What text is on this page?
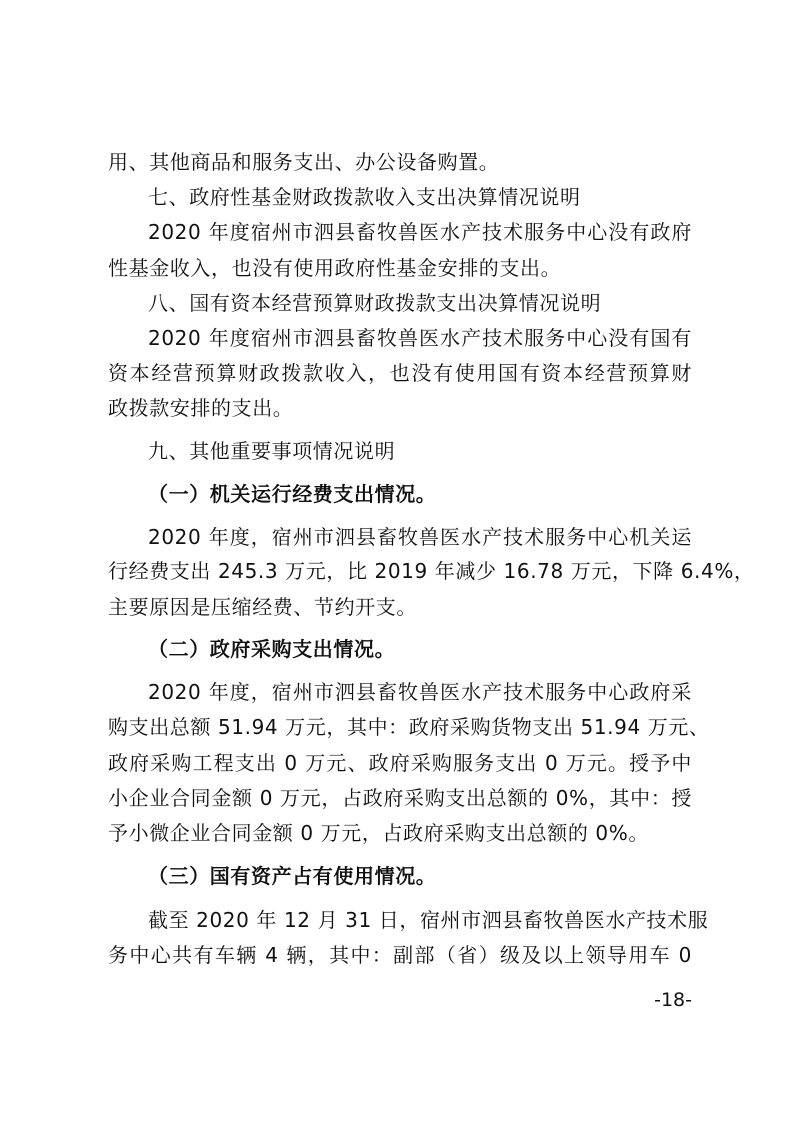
用、其他商品和服务支出、办公设备购置。
七、政府性基金财政拨款收入支出决算情况说明
2020 年度宿州市泗县畜牧兽医水产技术服务中心没有政府
性基金收入，也没有使用政府性基金安排的支出。
八、国有资本经营预算财政拨款支出决算情况说明
2020 年度宿州市泗县畜牧兽医水产技术服务中心没有国有
资本经营预算财政拨款收入，也没有使用国有资本经营预算财
政拨款安排的支出。
九、其他重要事项情况说明
（一）机关运行经费支出情况。
2020 年度，宿州市泗县畜牧兽医水产技术服务中心机关运
行经费支出 245.3 万元，比 2019 年减少 16.78 万元，下降 6.4%，
主要原因是压缩经费、节约开支。
（二）政府采购支出情况。
2020 年度，宿州市泗县畜牧兽医水产技术服务中心政府采
购支出总额 51.94 万元，其中：政府采购货物支出 51.94 万元、
政府采购工程支出 0 万元、政府采购服务支出 0 万元。授予中
小企业合同金额 0 万元，占政府采购支出总额的 0%，其中：授
予小微企业合同金额 0 万元，占政府采购支出总额的 0%。
（三）国有资产占有使用情况。
截至 2020 年 12 月 31 日，宿州市泗县畜牧兽医水产技术服
务中心共有车辆 4 辆，其中：副部（省）级及以上领导用车 0
-18-
